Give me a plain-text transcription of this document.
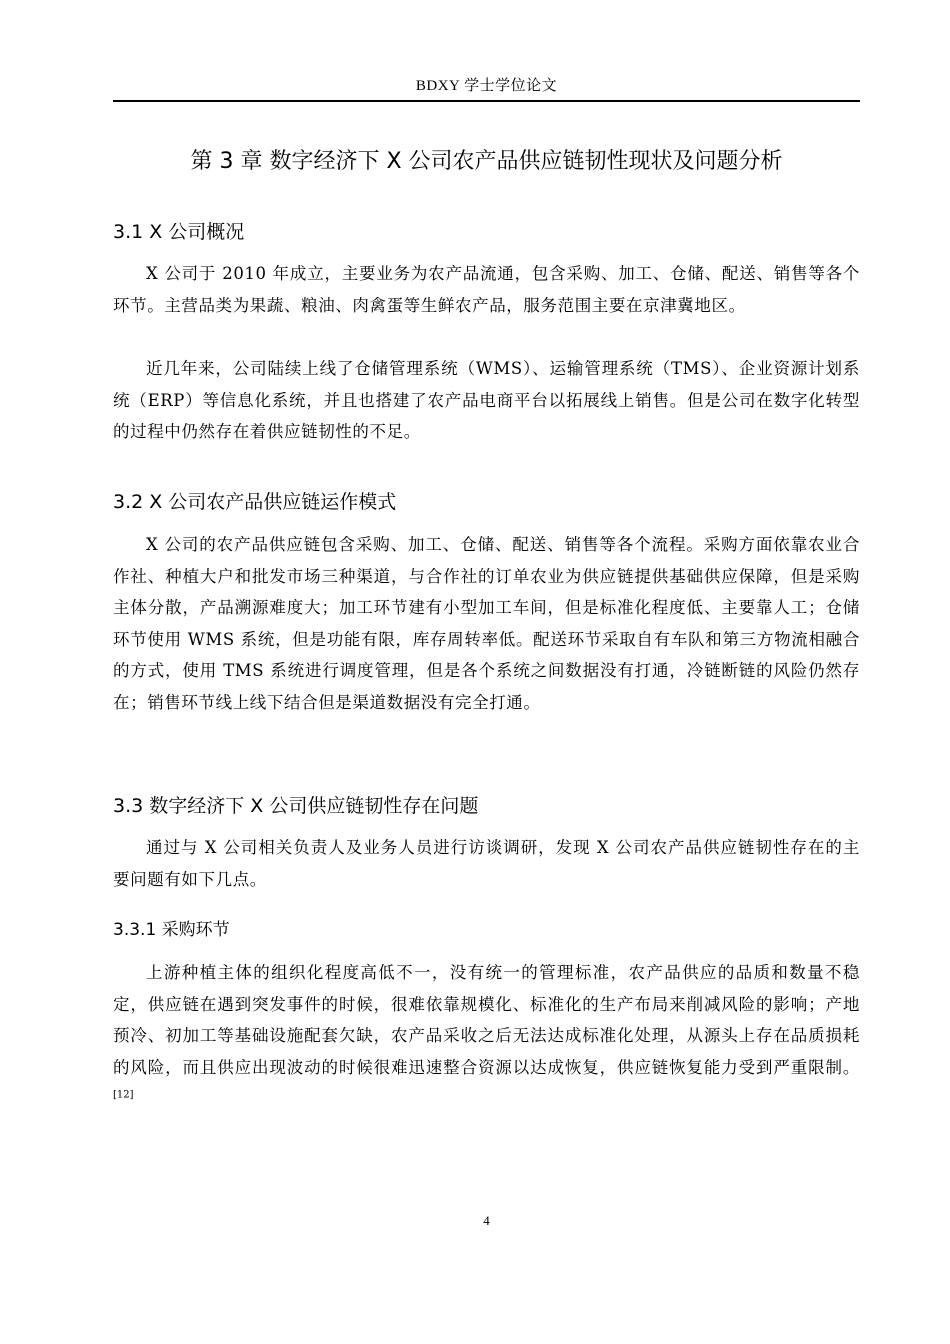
BDXY 学士学位论文
第 3 章 数字经济下 X 公司农产品供应链韧性现状及问题分析
3.1 X 公司概况

X 公司于 2010 年成立，主要业务为农产品流通，包含采购、加工、仓储、配送、销售等各个环节。主营品类为果蔬、粮油、肉禽蛋等生鲜农产品，服务范围主要在京津冀地区。

近几年来，公司陆续上线了仓储管理系统（WMS）、运输管理系统（TMS）、企业资源计划系统（ERP）等信息化系统，并且也搭建了农产品电商平台以拓展线上销售。但是公司在数字化转型的过程中仍然存在着供应链韧性的不足。

3.2 X 公司农产品供应链运作模式

X 公司的农产品供应链包含采购、加工、仓储、配送、销售等各个流程。采购方面依靠农业合作社、种植大户和批发市场三种渠道，与合作社的订单农业为供应链提供基础供应保障，但是采购主体分散，产品溯源难度大；加工环节建有小型加工车间，但是标准化程度低、主要靠人工；仓储环节使用 WMS 系统，但是功能有限，库存周转率低。配送环节采取自有车队和第三方物流相融合的方式，使用 TMS 系统进行调度管理，但是各个系统之间数据没有打通，冷链断链的风险仍然存在；销售环节线上线下结合但是渠道数据没有完全打通。

3.3 数字经济下 X 公司供应链韧性存在问题

通过与 X 公司相关负责人及业务人员进行访谈调研，发现 X 公司农产品供应链韧性存在的主要问题有如下几点。

3.3.1 采购环节

上游种植主体的组织化程度高低不一，没有统一的管理标准，农产品供应的品质和数量不稳定，供应链在遇到突发事件的时候，很难依靠规模化、标准化的生产布局来削减风险的影响；产地预冷、初加工等基础设施配套欠缺，农产品采收之后无法达成标准化处理，从源头上存在品质损耗的风险，而且供应出现波动的时候很难迅速整合资源以达成恢复，供应链恢复能力受到严重限制。[12]

4
